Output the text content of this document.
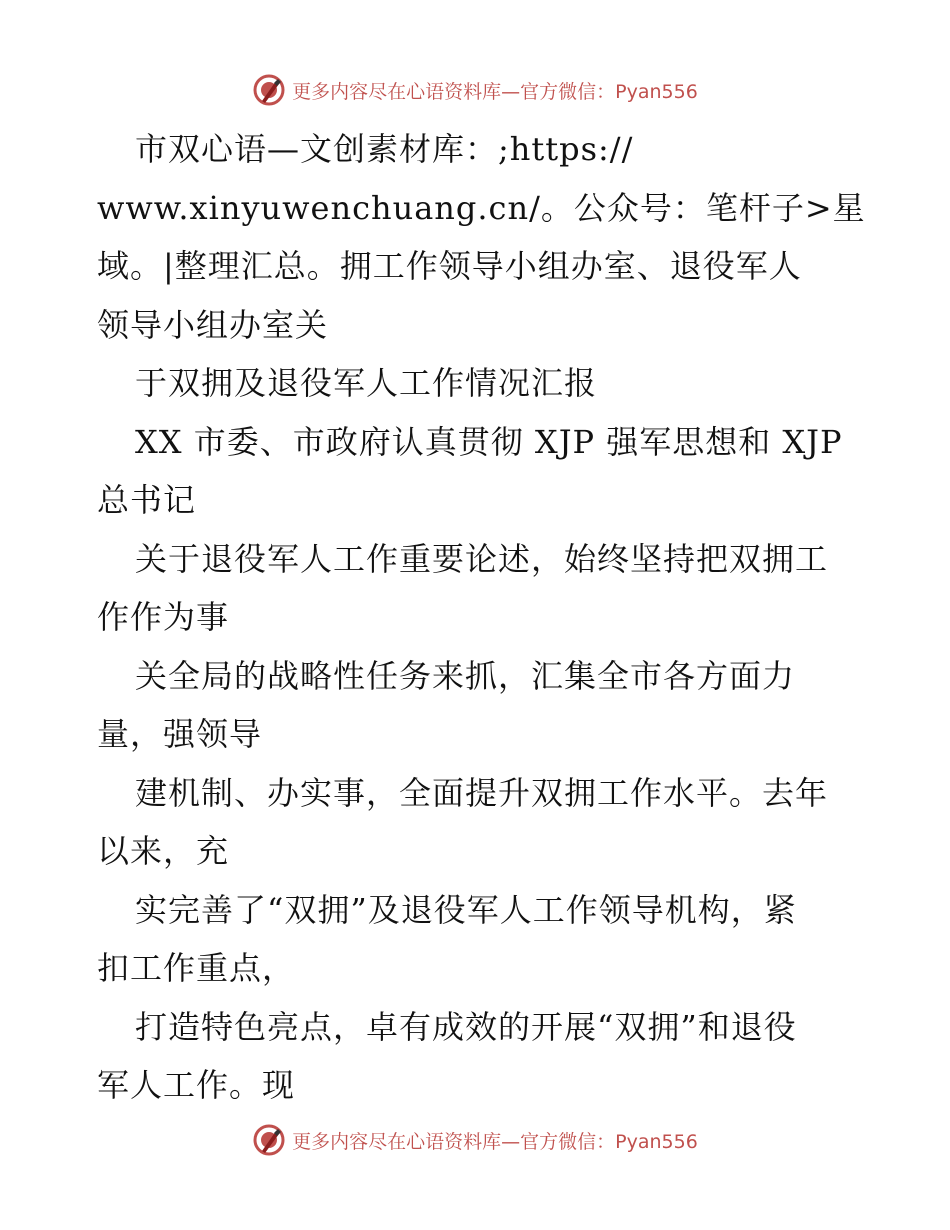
更多内容尽在心语资料库—官方微信：Pyan556
市双心语—文创素材库：;https://
www.xinyuwenchuang.cn/。公众号：笔杆子>星
域。|整理汇总。拥工作领导小组办室、退役军人
领导小组办室关
于双拥及退役军人工作情况汇报
XX 市委、市政府认真贯彻 XJP 强军思想和 XJP
总书记
关于退役军人工作重要论述，始终坚持把双拥工
作作为事
关全局的战略性任务来抓，汇集全市各方面力
量，强领导
建机制、办实事，全面提升双拥工作水平。去年
以来，充
实完善了“双拥”及退役军人工作领导机构，紧
扣工作重点，
打造特色亮点，卓有成效的开展“双拥”和退役
军人工作。现
更多内容尽在心语资料库—官方微信：Pyan556
